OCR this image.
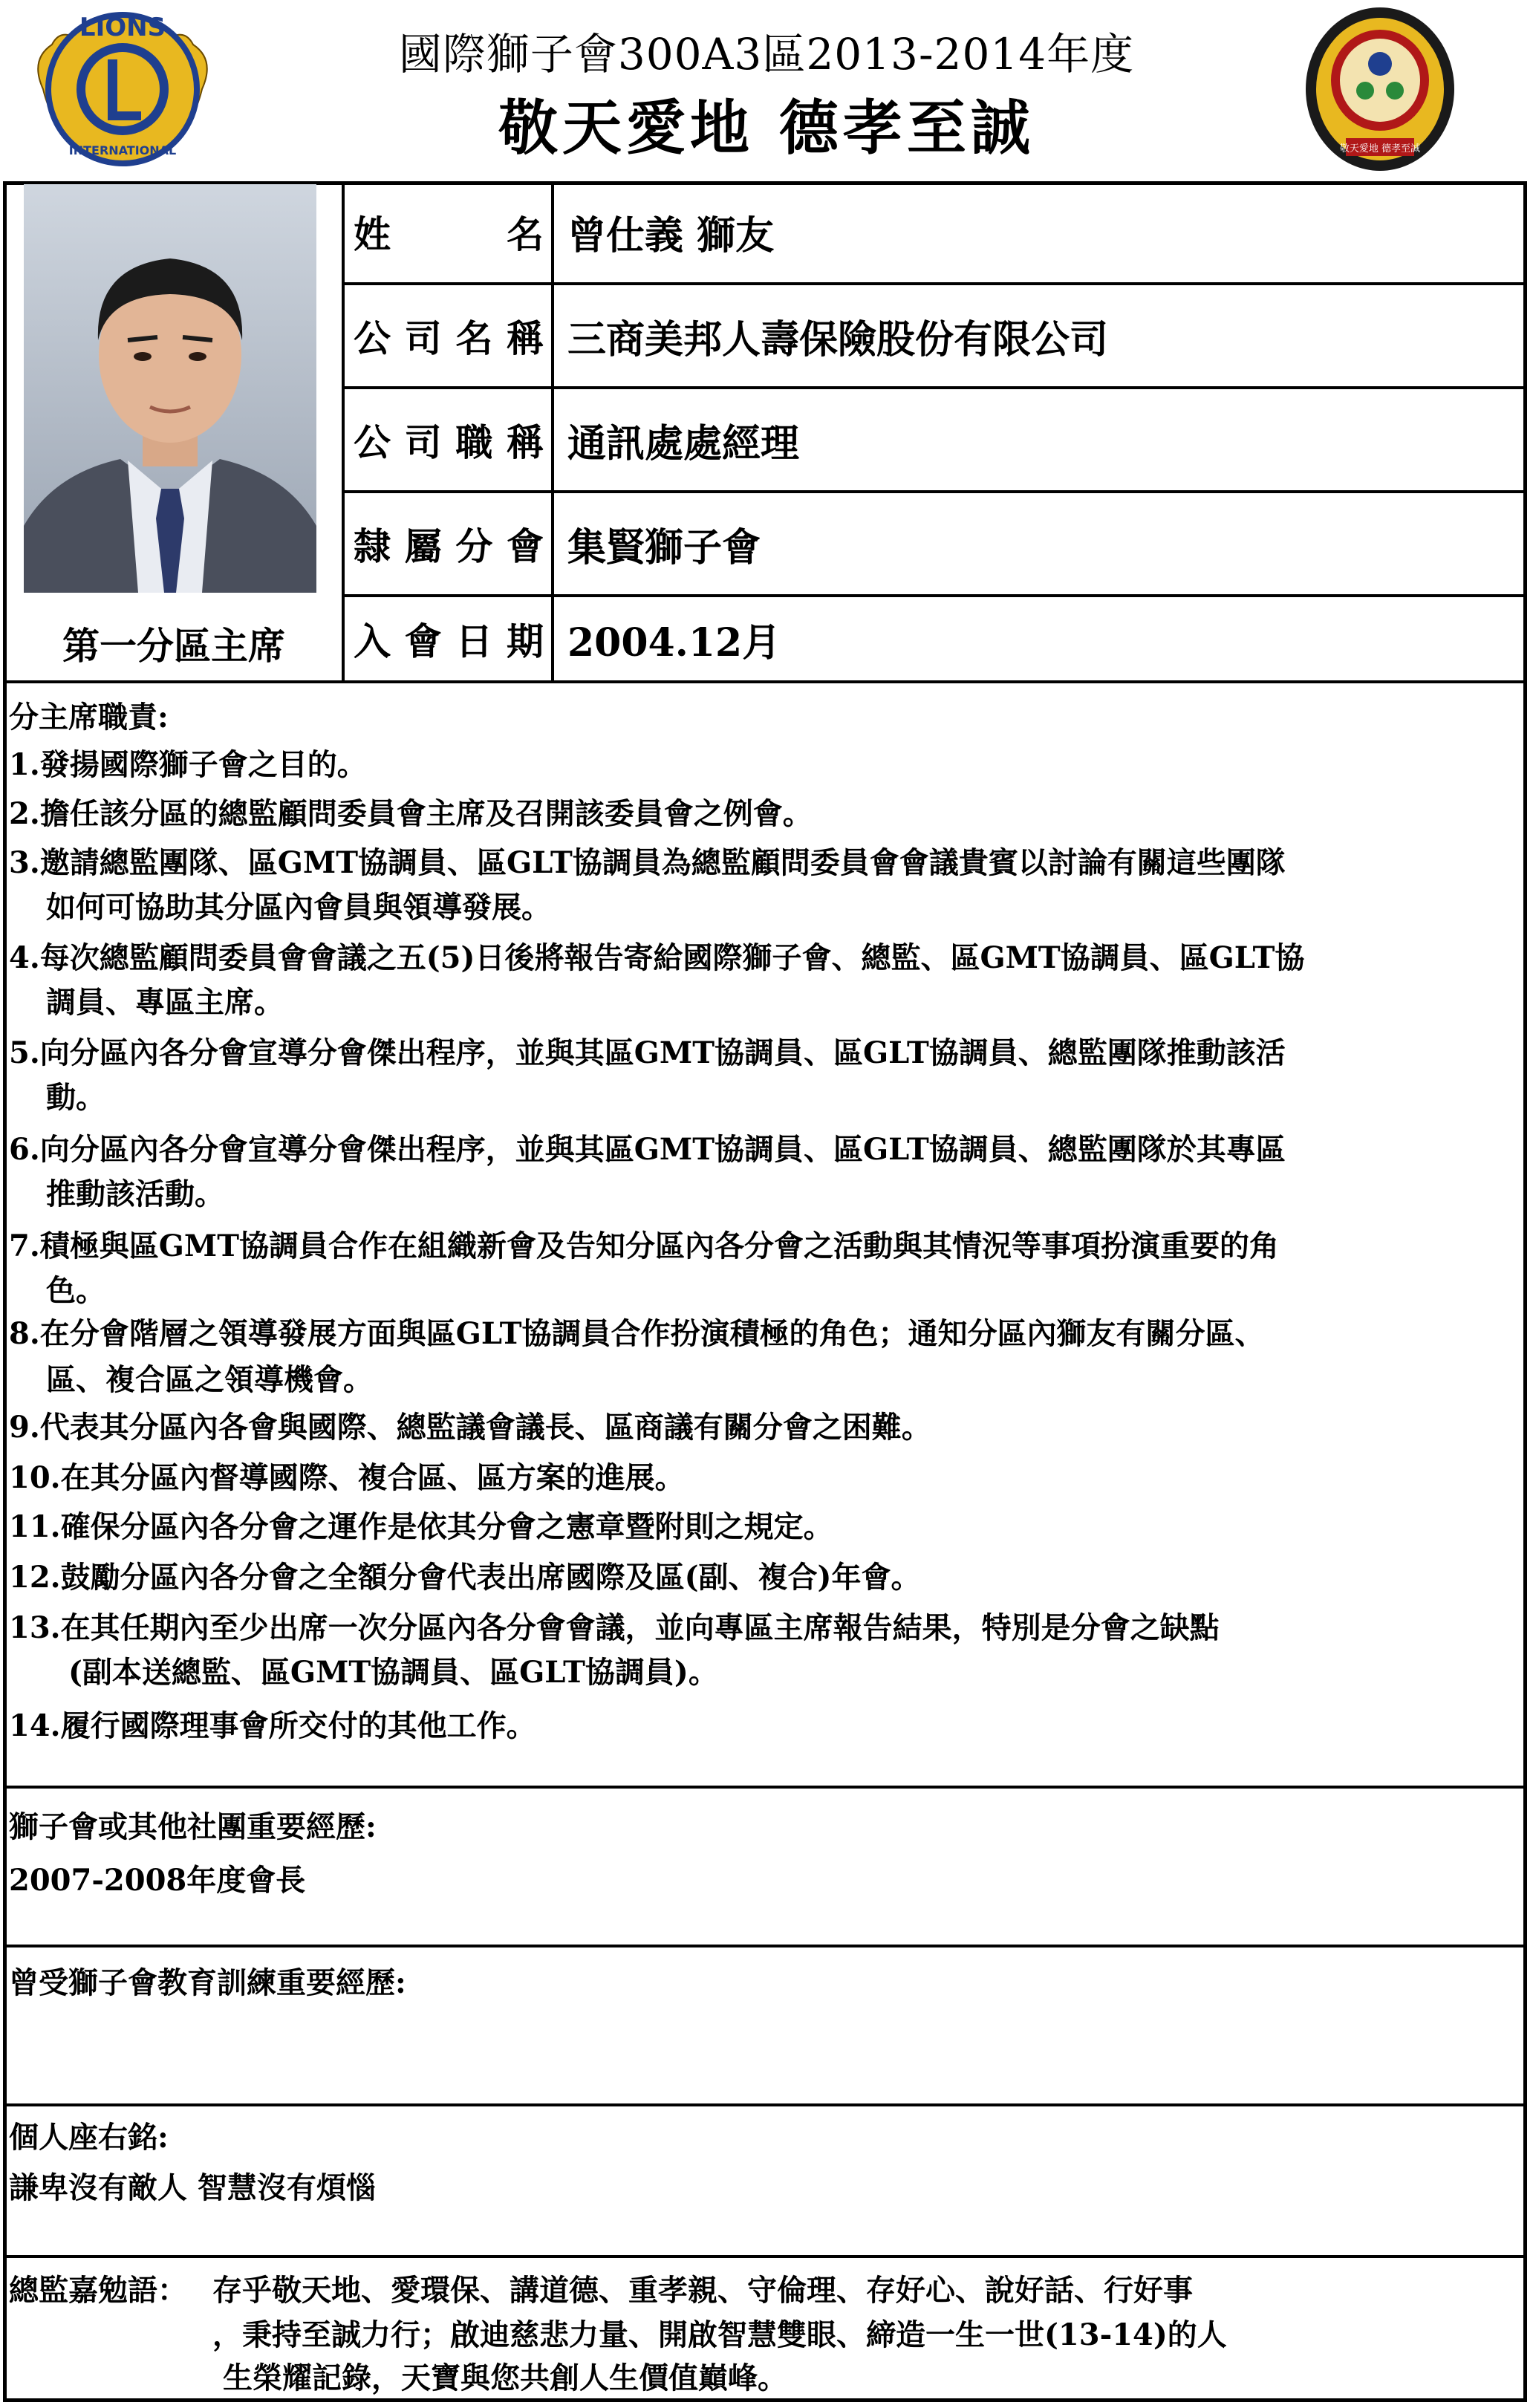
LIONS
INTERNATIONAL
國際獅子會300A3區2013-2014年度
敬天愛地 德孝至誠	敬天愛地 德孝至誠
第一分區主席
姓	名 曾仕義 獅友
公 司 名 稱 三商美邦人壽保險股份有限公司
公 司 職 稱 通訊處處經理
隸 屬 分 會 集賢獅子會
入 會 日 期 2004.12月
分主席職責:
1.發揚國際獅子會之目的。
2.擔任該分區的總監顧問委員會主席及召開該委員會之例會。
3.邀請總監團隊、區GMT協調員、區GLT協調員為總監顧問委員會會議貴賓以討論有關這些團隊
如何可協助其分區內會員與領導發展。
4.每次總監顧問委員會會議之五(5)日後將報告寄給國際獅子會、總監、區GMT協調員、區GLT協
調員、專區主席。
5.向分區內各分會宣導分會傑出程序，並與其區GMT協調員、區GLT協調員、總監團隊推動該活
動。
6.向分區內各分會宣導分會傑出程序，並與其區GMT協調員、區GLT協調員、總監團隊於其專區
推動該活動。
7.積極與區GMT協調員合作在組織新會及告知分區內各分會之活動與其情況等事項扮演重要的角
色。
8.在分會階層之領導發展方面與區GLT協調員合作扮演積極的角色；通知分區內獅友有關分區、
區、複合區之領導機會。
9.代表其分區內各會與國際、總監議會議長、區商議有關分會之困難。
10.在其分區內督導國際、複合區、區方案的進展。
11.確保分區內各分會之運作是依其分會之憲章暨附則之規定。
12.鼓勵分區內各分會之全額分會代表出席國際及區(副、複合)年會。
13.在其任期內至少出席一次分區內各分會會議，並向專區主席報告結果，特別是分會之缺點
(副本送總監、區GMT協調員、區GLT協調員)。
14.履行國際理事會所交付的其他工作。
獅子會或其他社團重要經歷:
2007-2008年度會長
曾受獅子會教育訓練重要經歷:
個人座右銘:
謙卑沒有敵人 智慧沒有煩惱
總監嘉勉語： 存乎敬天地、愛環保、講道德、重孝親、守倫理、存好心、說好話、行好事
，秉持至誠力行；啟迪慈悲力量、開啟智慧雙眼、締造一生一世(13-14)的人
生榮耀記錄，天寶與您共創人生價值巔峰。
